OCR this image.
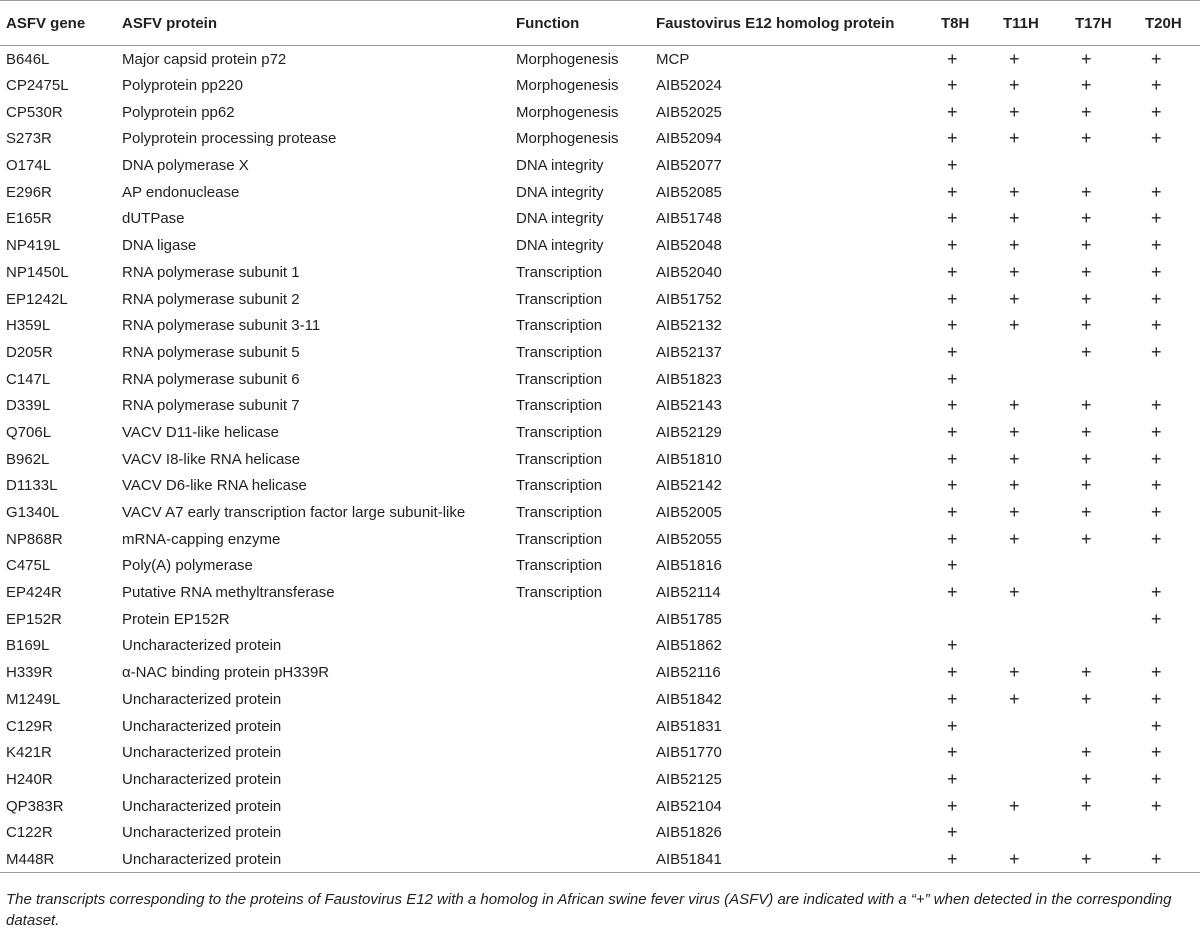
ASFV gene	ASFV protein	Function	Faustovirus E12 homolog protein	T8H	T11H	T17H	T20H
B646L	Major capsid protein p72	Morphogenesis	MCP	+	+	+	+
CP2475L	Polyprotein pp220	Morphogenesis	AIB52024	+	+	+	+
CP530R	Polyprotein pp62	Morphogenesis	AIB52025	+	+	+	+
S273R	Polyprotein processing protease	Morphogenesis	AIB52094	+	+	+	+
O174L	DNA polymerase X	DNA integrity	AIB52077	+			
E296R	AP endonuclease	DNA integrity	AIB52085	+	+	+	+
E165R	dUTPase	DNA integrity	AIB51748	+	+	+	+
NP419L	DNA ligase	DNA integrity	AIB52048	+	+	+	+
NP1450L	RNA polymerase subunit 1	Transcription	AIB52040	+	+	+	+
EP1242L	RNA polymerase subunit 2	Transcription	AIB51752	+	+	+	+
H359L	RNA polymerase subunit 3-11	Transcription	AIB52132	+	+	+	+
D205R	RNA polymerase subunit 5	Transcription	AIB52137	+		+	+
C147L	RNA polymerase subunit 6	Transcription	AIB51823	+			
D339L	RNA polymerase subunit 7	Transcription	AIB52143	+	+	+	+
Q706L	VACV D11-like helicase	Transcription	AIB52129	+	+	+	+
B962L	VACV I8-like RNA helicase	Transcription	AIB51810	+	+	+	+
D1133L	VACV D6-like RNA helicase	Transcription	AIB52142	+	+	+	+
G1340L	VACV A7 early transcription factor large subunit-like	Transcription	AIB52005	+	+	+	+
NP868R	mRNA-capping enzyme	Transcription	AIB52055	+	+	+	+
C475L	Poly(A) polymerase	Transcription	AIB51816	+			
EP424R	Putative RNA methyltransferase	Transcription	AIB52114	+	+		+
EP152R	Protein EP152R		AIB51785				+
B169L	Uncharacterized protein		AIB51862	+			
H339R	α-NAC binding protein pH339R		AIB52116	+	+	+	+
M1249L	Uncharacterized protein		AIB51842	+	+	+	+
C129R	Uncharacterized protein		AIB51831	+			+
K421R	Uncharacterized protein		AIB51770	+		+	+
H240R	Uncharacterized protein		AIB52125	+		+	+
QP383R	Uncharacterized protein		AIB52104	+	+	+	+
C122R	Uncharacterized protein		AIB51826	+			
M448R	Uncharacterized protein		AIB51841	+	+	+	+
The transcripts corresponding to the proteins of Faustovirus E12 with a homolog in African swine fever virus (ASFV) are indicated with a “+” when detected in the corresponding dataset.
